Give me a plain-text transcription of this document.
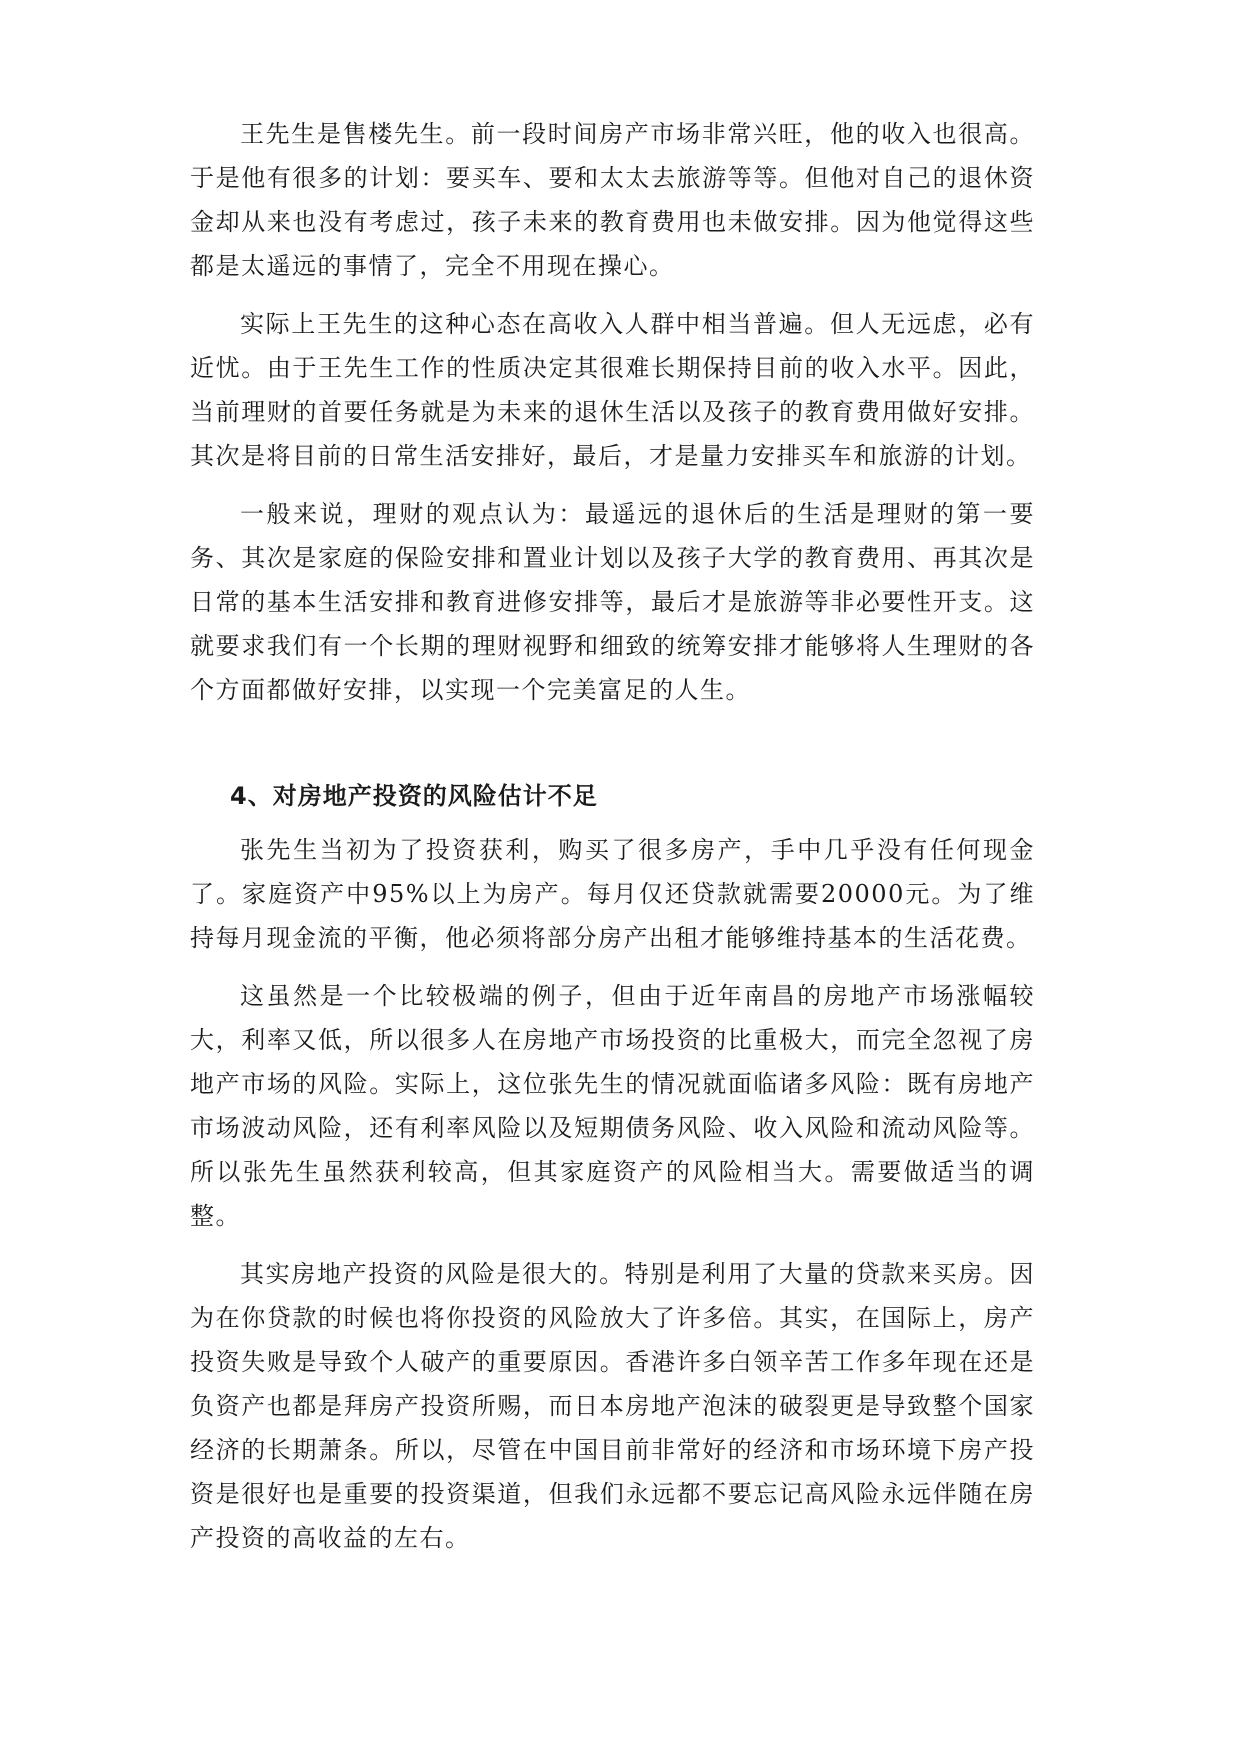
王先生是售楼先生。前一段时间房产市场非常兴旺，他的收入也很高。于是他有很多的计划：要买车、要和太太去旅游等等。但他对自己的退休资金却从来也没有考虑过，孩子未来的教育费用也未做安排。因为他觉得这些都是太遥远的事情了，完全不用现在操心。

实际上王先生的这种心态在高收入人群中相当普遍。但人无远虑，必有近忧。由于王先生工作的性质决定其很难长期保持目前的收入水平。因此，当前理财的首要任务就是为未来的退休生活以及孩子的教育费用做好安排。其次是将目前的日常生活安排好，最后，才是量力安排买车和旅游的计划。

一般来说，理财的观点认为：最遥远的退休后的生活是理财的第一要务、其次是家庭的保险安排和置业计划以及孩子大学的教育费用、再其次是日常的基本生活安排和教育进修安排等，最后才是旅游等非必要性开支。这就要求我们有一个长期的理财视野和细致的统筹安排才能够将人生理财的各个方面都做好安排，以实现一个完美富足的人生。

4、对房地产投资的风险估计不足

张先生当初为了投资获利，购买了很多房产，手中几乎没有任何现金了。家庭资产中95%以上为房产。每月仅还贷款就需要20000元。为了维持每月现金流的平衡，他必须将部分房产出租才能够维持基本的生活花费。

这虽然是一个比较极端的例子，但由于近年南昌的房地产市场涨幅较大，利率又低，所以很多人在房地产市场投资的比重极大，而完全忽视了房地产市场的风险。实际上，这位张先生的情况就面临诸多风险：既有房地产市场波动风险，还有利率风险以及短期债务风险、收入风险和流动风险等。所以张先生虽然获利较高，但其家庭资产的风险相当大。需要做适当的调整。

其实房地产投资的风险是很大的。特别是利用了大量的贷款来买房。因为在你贷款的时候也将你投资的风险放大了许多倍。其实，在国际上，房产投资失败是导致个人破产的重要原因。香港许多白领辛苦工作多年现在还是负资产也都是拜房产投资所赐，而日本房地产泡沫的破裂更是导致整个国家经济的长期萧条。所以，尽管在中国目前非常好的经济和市场环境下房产投资是很好也是重要的投资渠道，但我们永远都不要忘记高风险永远伴随在房产投资的高收益的左右。
